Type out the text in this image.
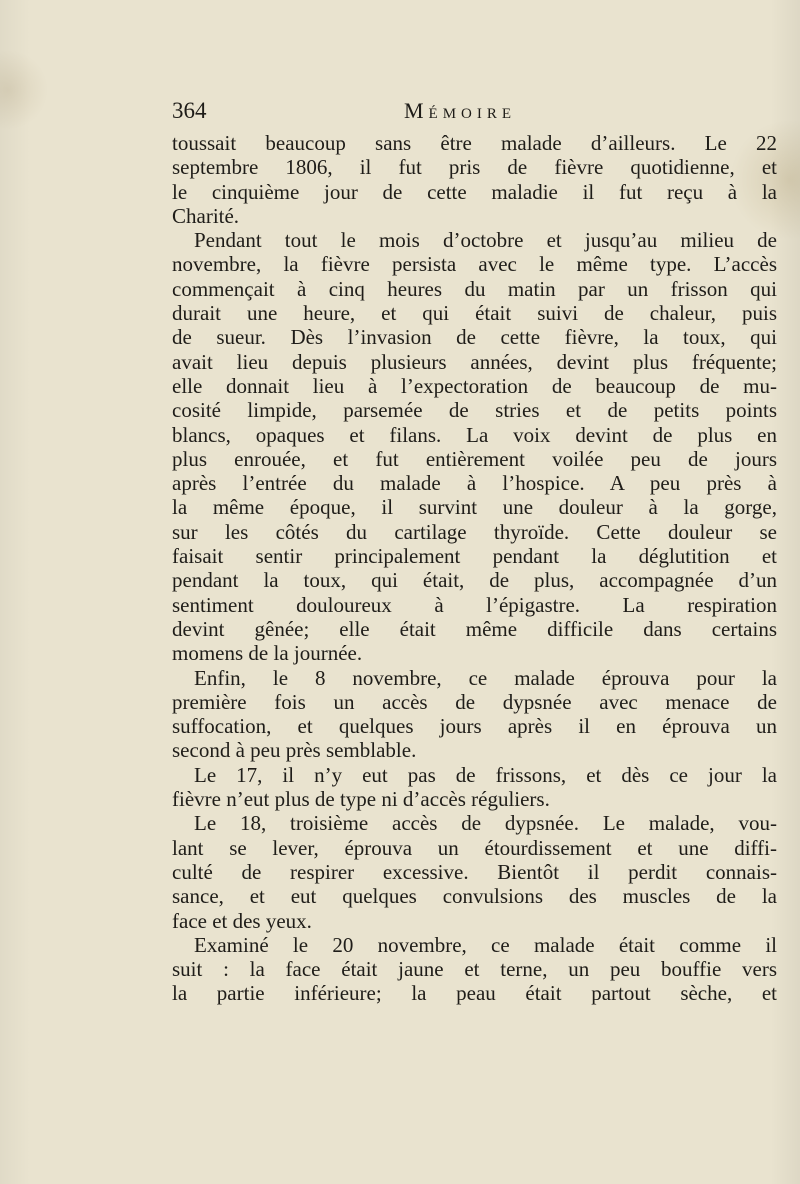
364	Mémoire
toussait beaucoup sans être malade d’ailleurs. Le 22
septembre 1806, il fut pris de fièvre quotidienne, et
le cinquième jour de cette maladie il fut reçu à la
Charité.
Pendant tout le mois d’octobre et jusqu’au milieu de
novembre, la fièvre persista avec le même type. L’accès
commençait à cinq heures du matin par un frisson qui
durait une heure, et qui était suivi de chaleur, puis
de sueur. Dès l’invasion de cette fièvre, la toux, qui
avait lieu depuis plusieurs années, devint plus fréquente;
elle donnait lieu à l’expectoration de beaucoup de mu-
cosité limpide, parsemée de stries et de petits points
blancs, opaques et filans. La voix devint de plus en
plus enrouée, et fut entièrement voilée peu de jours
après l’entrée du malade à l’hospice. A peu près à
la même époque, il survint une douleur à la gorge,
sur les côtés du cartilage thyroïde. Cette douleur se
faisait sentir principalement pendant la déglutition et
pendant la toux, qui était, de plus, accompagnée d’un
sentiment douloureux à l’épigastre. La respiration
devint gênée; elle était même difficile dans certains
momens de la journée.
Enfin, le 8 novembre, ce malade éprouva pour la
première fois un accès de dypsnée avec menace de
suffocation, et quelques jours après il en éprouva un
second à peu près semblable.
Le 17, il n’y eut pas de frissons, et dès ce jour la
fièvre n’eut plus de type ni d’accès réguliers.
Le 18, troisième accès de dypsnée. Le malade, vou-
lant se lever, éprouva un étourdissement et une diffi-
culté de respirer excessive. Bientôt il perdit connais-
sance, et eut quelques convulsions des muscles de la
face et des yeux.
Examiné le 20 novembre, ce malade était comme il
suit : la face était jaune et terne, un peu bouffie vers
la partie inférieure; la peau était partout sèche, et
